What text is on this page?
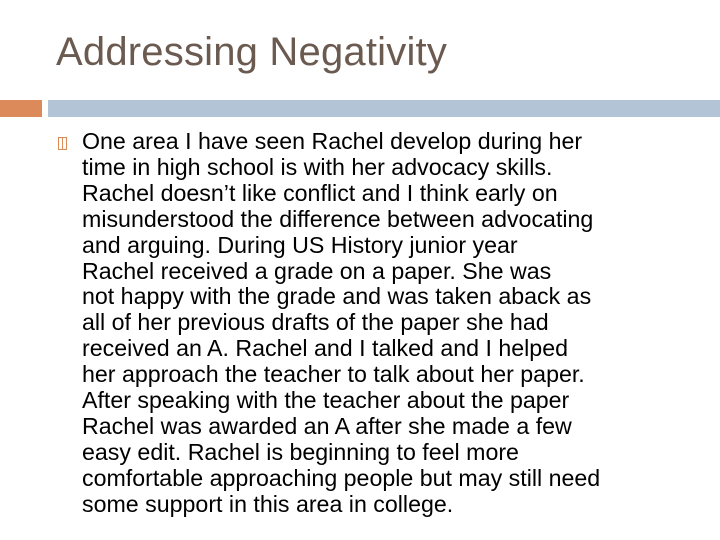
Addressing Negativity
One area I have seen Rachel develop during her
time in high school is with her advocacy skills.
Rachel doesn’t like conflict and I think early on
misunderstood the difference between advocating
and arguing. During US History junior year
Rachel received a grade on a paper. She was
not happy with the grade and was taken aback as
all of her previous drafts of the paper she had
received an A. Rachel and I talked and I helped
her approach the teacher to talk about her paper.
After speaking with the teacher about the paper
Rachel was awarded an A after she made a few
easy edit. Rachel is beginning to feel more
comfortable approaching people but may still need
some support in this area in college.
